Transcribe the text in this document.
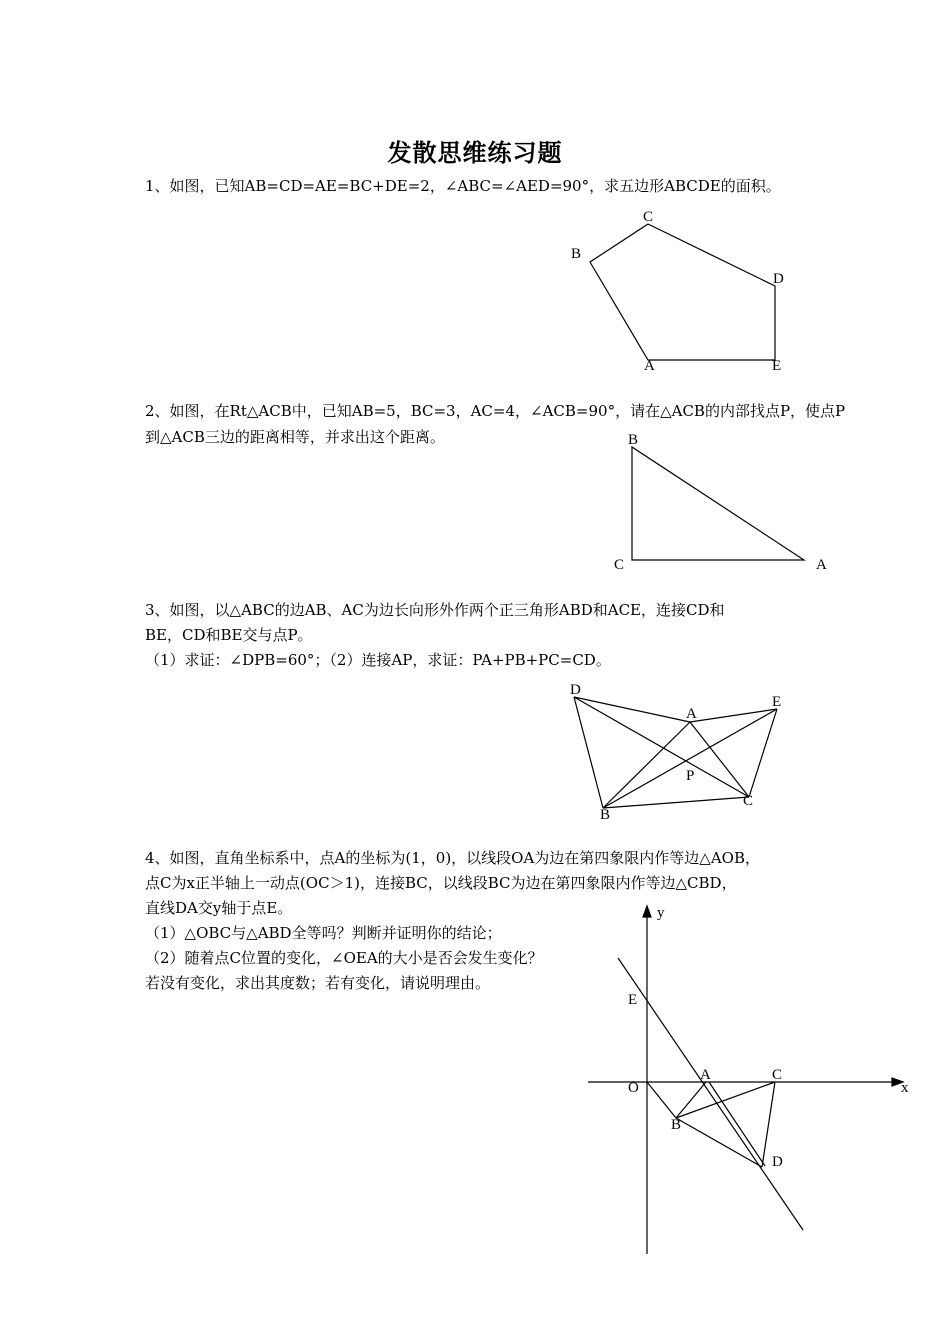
发散思维练习题
1、如图，已知AB=CD=AE=BC+DE=2，∠ABC=∠AED=90°，求五边形ABCDE的面积。
C
B
D
A	E
2、如图，在Rt△ACB中，已知AB=5，BC=3，AC=4，∠ACB=90°，请在△ACB的内部找点P，使点P
到△ACB三边的距离相等，并求出这个距离。	B
C	A
3、如图，以△ABC的边AB、AC为边长向形外作两个正三角形ABD和ACE，连接CD和
BE，CD和BE交与点P。
（1）求证：∠DPB=60°；（2）连接AP，求证：PA+PB+PC=CD。
D
A
E
P
B
C
4、如图，直角坐标系中，点A的坐标为(1，0)，以线段OA为边在第四象限内作等边△AOB，
点C为x正半轴上一动点(OC＞1)，连接BC，以线段BC为边在第四象限内作等边△CBD，
直线DA交y轴于点E。
（1）△OBC与△ABD全等吗？判断并证明你的结论；
（2）随着点C位置的变化，∠OEA的大小是否会发生变化？
若没有变化，求出其度数；若有变化，请说明理由。
y
x
E
O
A	C
B
D
